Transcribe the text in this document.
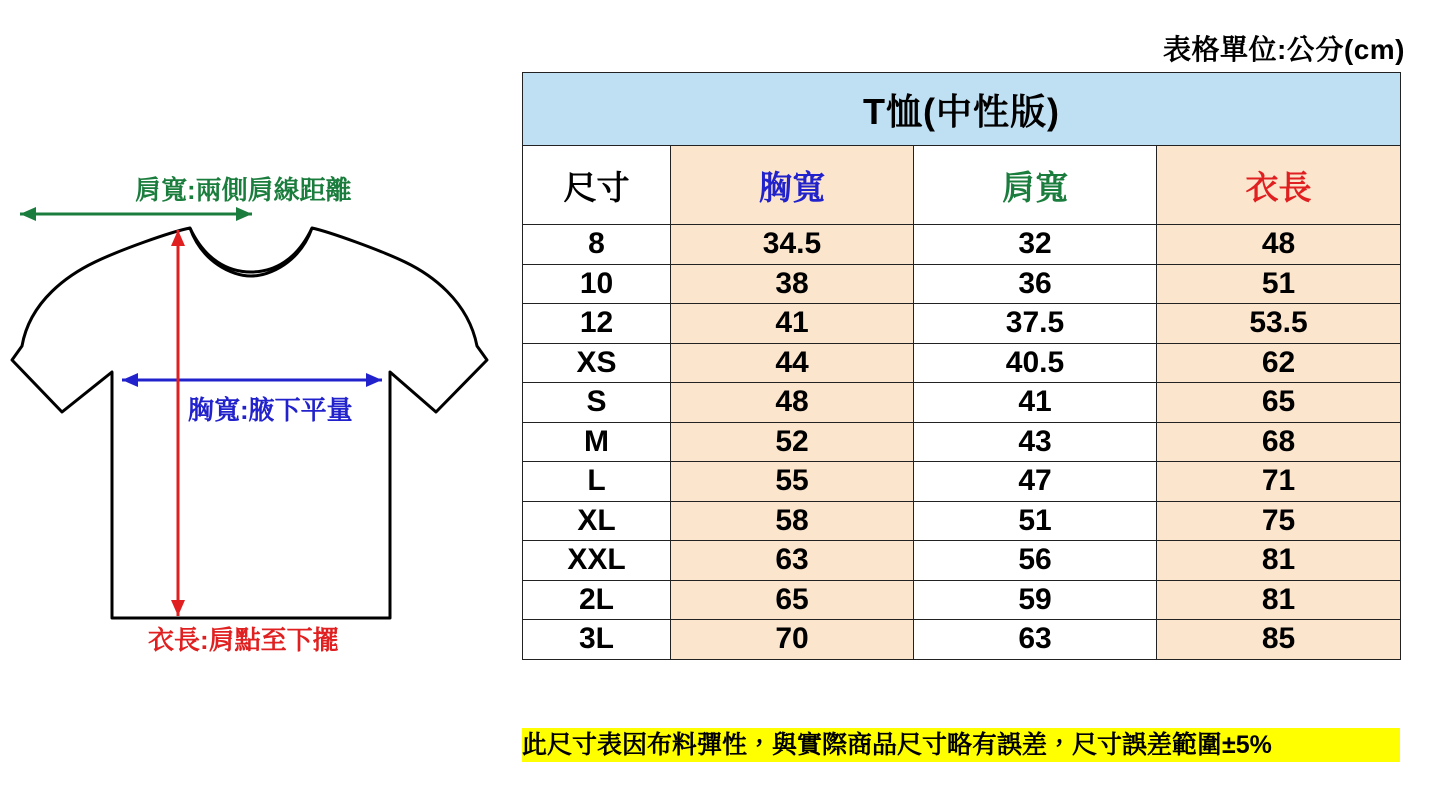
表格單位:公分(cm)
肩寬:兩側肩線距離
胸寬:腋下平量
衣長:肩點至下擺
T恤(中性版)			
尺寸	胸寬	肩寬	衣長
8	34.5	32	48
10	38	36	51
12	41	37.5	53.5
XS	44	40.5	62
S	48	41	65
M	52	43	68
L	55	47	71
XL	58	51	75
XXL	63	56	81
2L	65	59	81
3L	70	63	85
此尺寸表因布料彈性，與實際商品尺寸略有誤差，尺寸誤差範圍±5%
